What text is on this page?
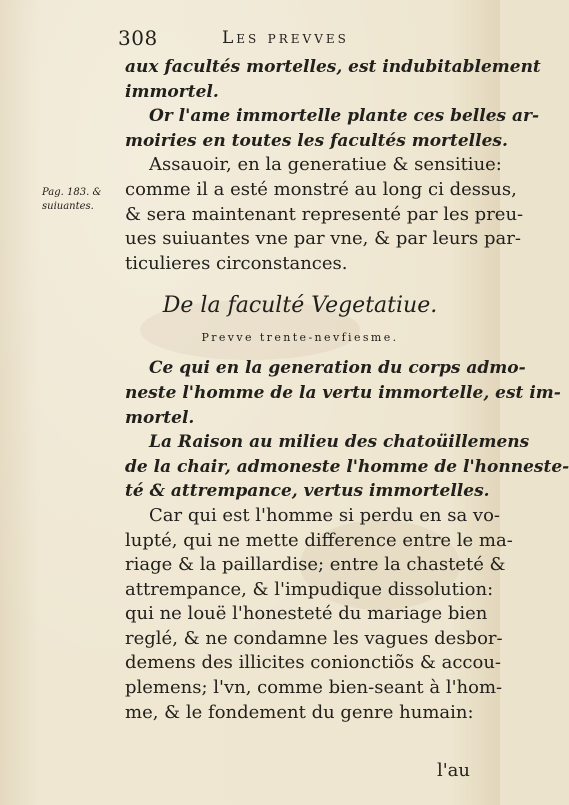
308	Les prevves
Pag. 183. &
suiuantes.
aux facultés mortelles, est indubitablement
immortel.
Or l'ame immortelle plante ces belles ar-
moiries en toutes les facultés mortelles.
Assauoir, en la generatiue & sensitiue:
comme il a esté monstré au long ci dessus,
& sera maintenant representé par les preu-
ues suiuantes vne par vne, & par leurs par-
ticulieres circonstances.
De la faculté Vegetatiue.
Prevve trente-nevfiesme.
Ce qui en la generation du corps admo-
neste l'homme de la vertu immortelle, est im-
mortel.
La Raison au milieu des chatoüillemens
de la chair, admoneste l'homme de l'honneste-
té & attrempance, vertus immortelles.
Car qui est l'homme si perdu en sa vo-
lupté, qui ne mette difference entre le ma-
riage & la paillardise; entre la chasteté &
attrempance, & l'impudique dissolution:
qui ne louë l'honesteté du mariage bien
reglé, & ne condamne les vagues desbor-
demens des illicites conionctiõs & accou-
plemens; l'vn, comme bien-seant à l'hom-
me, & le fondement du genre humain:
l'au
